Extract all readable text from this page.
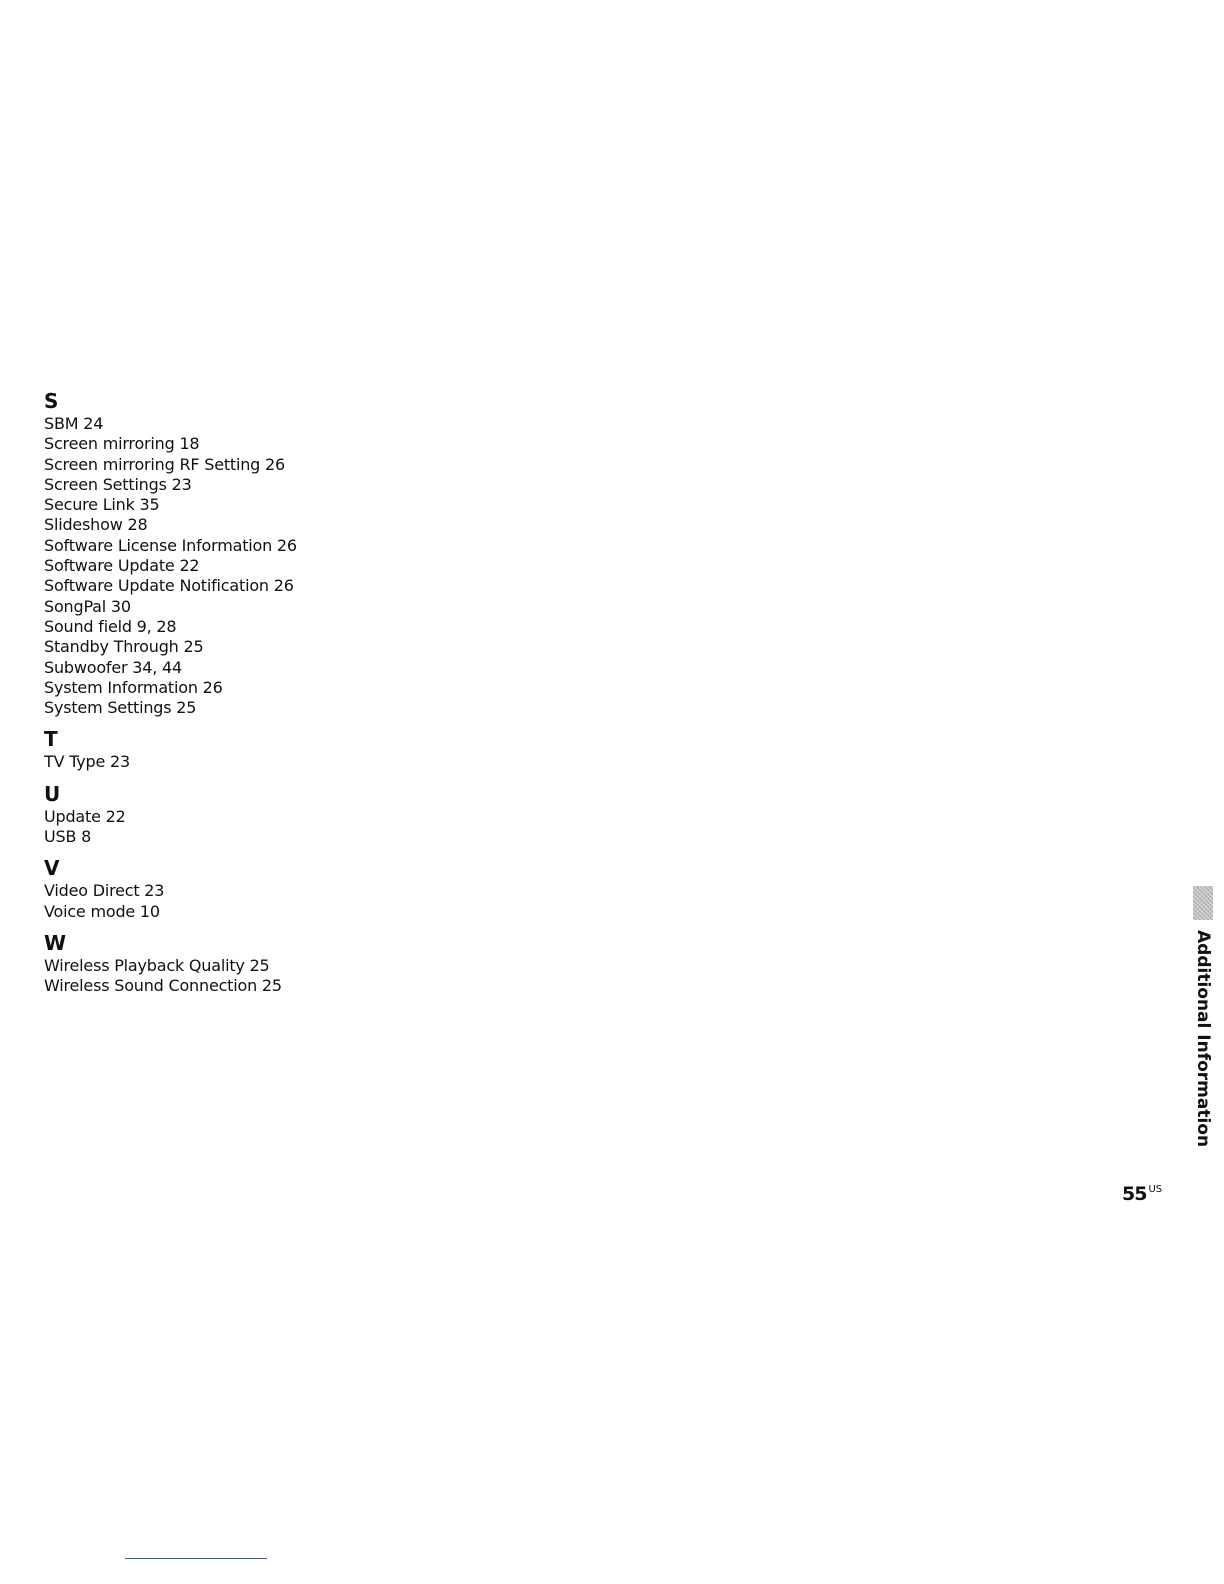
S
SBM 24
Screen mirroring 18
Screen mirroring RF Setting 26
Screen Settings 23
Secure Link 35
Slideshow 28
Software License Information 26
Software Update 22
Software Update Notification 26
SongPal 30
Sound field 9, 28
Standby Through 25
Subwoofer 34, 44
System Information 26
System Settings 25
T
TV Type 23
U
Update 22
USB 8
V
Video Direct 23
Voice mode 10
W
Wireless Playback Quality 25
Wireless Sound Connection 25	Additional Information
55 $^{US}$
